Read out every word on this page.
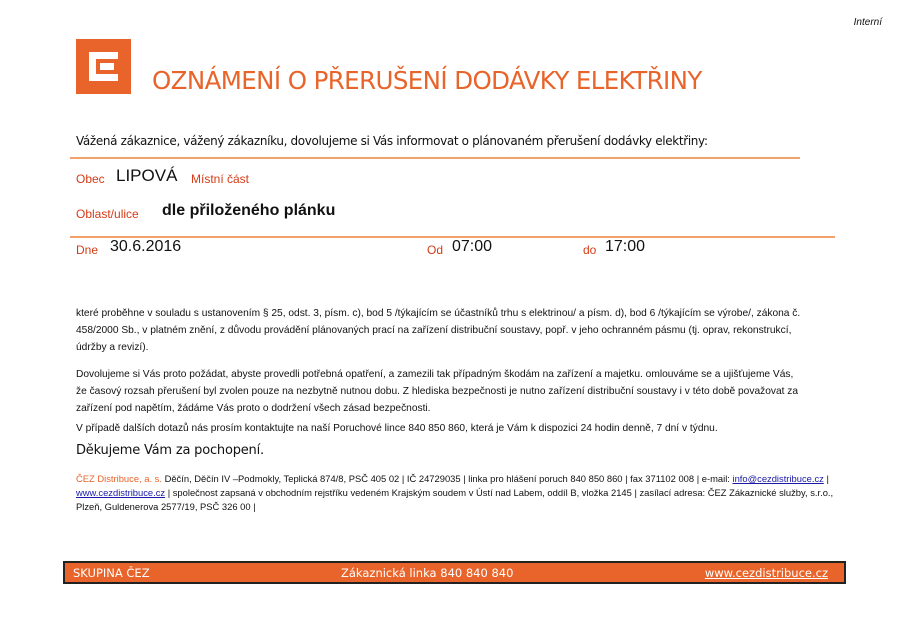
Interní
OZNÁMENÍ O PŘERUŠENÍ DODÁVKY ELEKTŘINY
Vážená zákaznice, vážený zákazníku, dovolujeme si Vás informovat o plánovaném přerušení dodávky elektřiny:
Obec LIPOVÁ Místní část
Oblast/ulice dle přiloženého plánku
Dne 30.6.2016	Od 07:00	do 17:00
které proběhne v souladu s ustanovením § 25, odst. 3, písm. c), bod 5 /týkajícím se účastníků trhu s elektrinou/ a písm. d), bod 6 /týkajícím se výrobe/, zákona č. 458/2000 Sb., v platném znění, z důvodu provádění plánovaných prací na zařízení distribuční soustavy, popř. v jeho ochranném pásmu (tj. oprav, rekonstrukcí, údržby a revizí).
Dovolujeme si Vás proto požádat, abyste provedli potřebná opatření, a zamezili tak případným škodám na zařízení a majetku. omlouváme se a ujišťujeme Vás, že časový rozsah přerušení byl zvolen pouze na nezbytně nutnou dobu. Z hlediska bezpečnosti je nutno zařízení distribuční soustavy i v této době považovat za zařízení pod napětím, žádáme Vás proto o dodržení všech zásad bezpečnosti.
V případě dalších dotazů nás prosím kontaktujte na naší Poruchové lince 840 850 860, která je Vám k dispozici 24 hodin denně, 7 dní v týdnu.
Děkujeme Vám za pochopení.
ČEZ Distribuce, a. s. Děčín, Děčín IV –Podmokly, Teplická 874/8, PSČ 405 02 | IČ 24729035 | linka pro hlášení poruch 840 850 860 | fax 371102 008 | e-mail: info@cezdistribuce.cz | www.cezdistribuce.cz | společnost zapsaná v obchodním rejstříku vedeném Krajským soudem v Ústí nad Labem, oddíl B, vložka 2145 | zasílací adresa: ČEZ Zákaznické služby, s.r.o., Plzeň, Guldenerova 2577/19, PSČ 326 00 |
SKUPINA ČEZ	Zákaznická linka 840 840 840	www.cezdistribuce.cz
